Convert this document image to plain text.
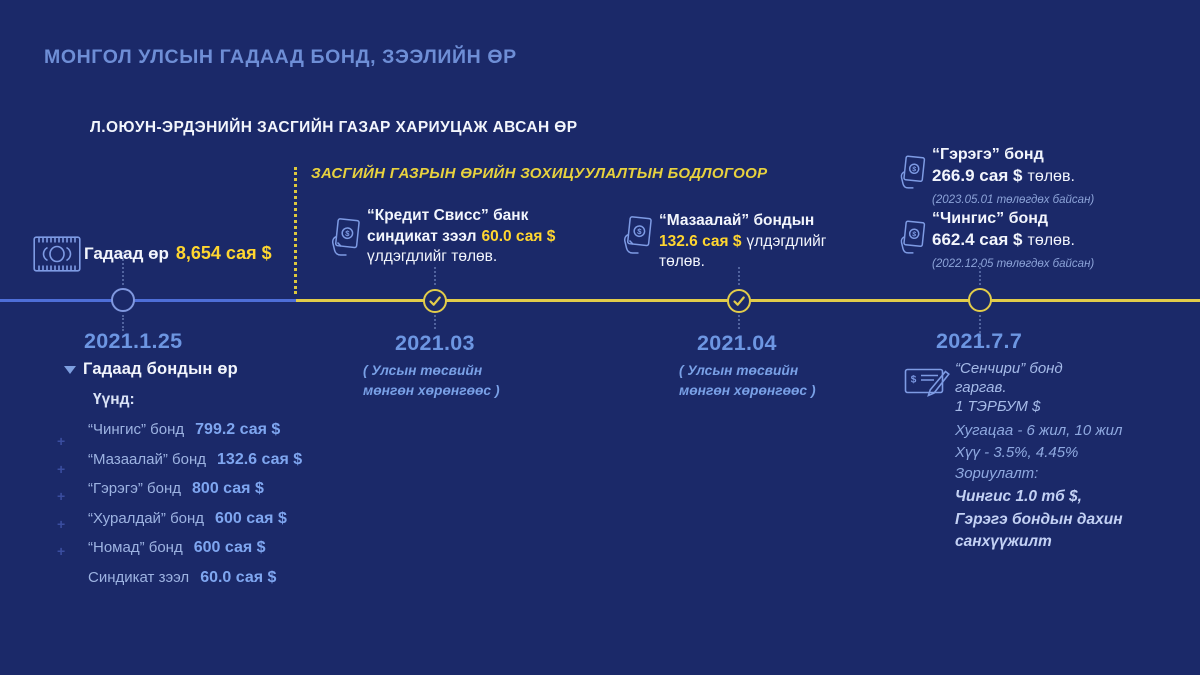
МОНГОЛ УЛСЫН ГАДААД БОНД, ЗЭЭЛИЙН ӨР
Л.ОЮУН-ЭРДЭНИЙН ЗАСГИЙН ГАЗАР ХАРИУЦАЖ АВСАН ӨР
Гадаад өр 8,654 сая $
ЗАСГИЙН ГАЗРЫН ӨРИЙН ЗОХИЦУУЛАЛТЫН БОДЛОГООР
$
“Кредит Свисс” банк
синдикат зээл 60.0 сая $
үлдэгдлийг төлөв.
$
“Мазаалай” бондын
132.6 сая $ үлдэгдлийг
төлөв.
$
“Гэрэгэ” бонд
266.9 сая $ төлөв.
(2023.05.01 төлөгдөх байсан)
$
“Чингис” бонд
662.4 сая $ төлөв.
(2022.12.05 төлөгдөх байсан)
2021.1.25	2021.03	2021.04	2021.7.7
( Улсын төсвийн
мөнгөн хөрөнгөөс )
( Улсын төсвийн
мөнгөн хөрөнгөөс )
Гадаад бондын өр
Үүнд:
“Чингис” бонд 799.2 сая $
“Мазаалай” бонд 132.6 сая $
“Гэрэгэ” бонд 800 сая $
“Хуралдай” бонд 600 сая $
“Номад” бонд 600 сая $
Синдикат зээл 60.0 сая $
+
+
+
+
+
$
“Сенчири” бонд
гаргав.
1 ТЭРБУМ $
Хугацаа - 6 жил, 10 жил
Хүү - 3.5%, 4.45%
Зориулалт:
Чингис 1.0 тб $,
Гэрэгэ бондын дахин
санхүүжилт
